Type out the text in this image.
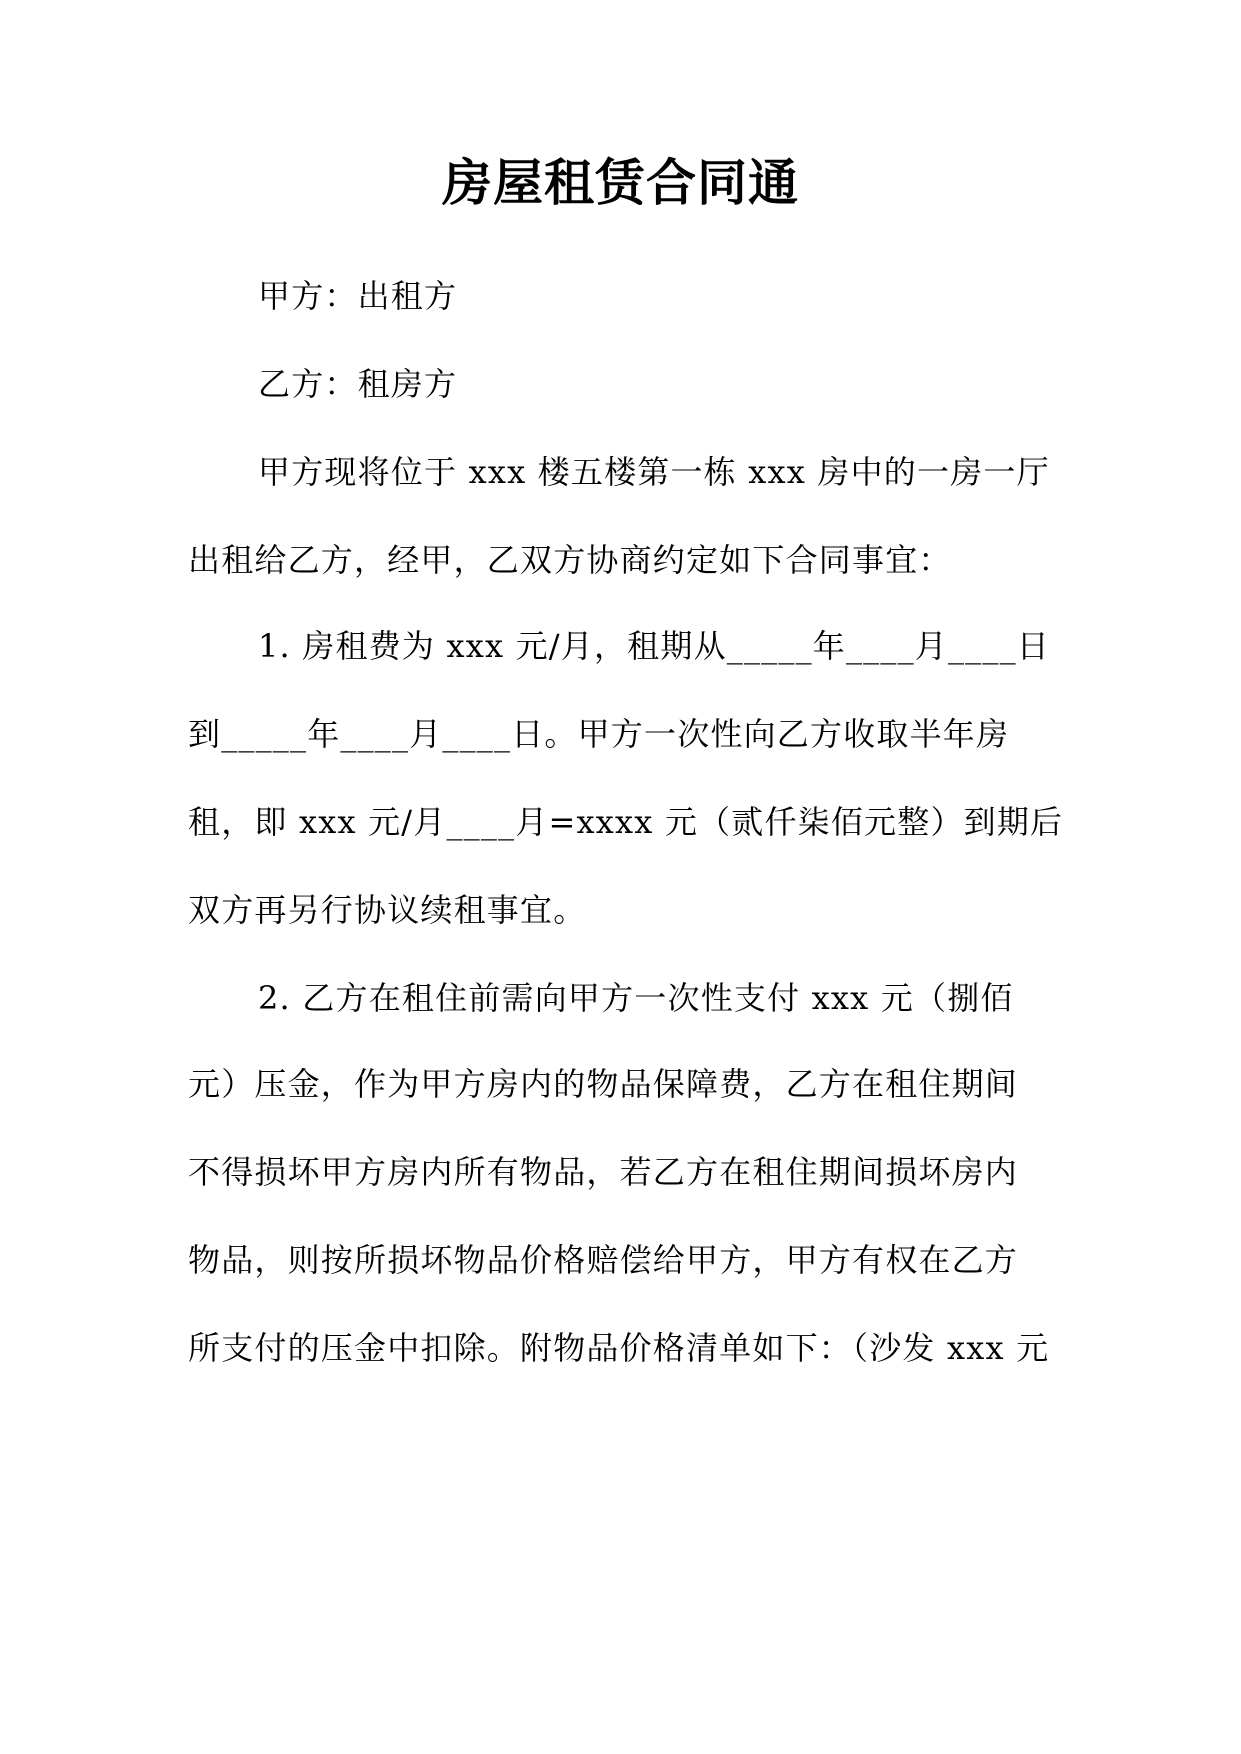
房屋租赁合同通
甲方：出租方
乙方：租房方
甲方现将位于 xxx 楼五楼第一栋 xxx 房中的一房一厅
出租给乙方，经甲，乙双方协商约定如下合同事宜：
1. 房租费为 xxx 元/月，租期从_____年____月____日
到_____年____月____日。甲方一次性向乙方收取半年房
租，即 xxx 元/月____月=xxxx 元（贰仟柒佰元整）到期后
双方再另行协议续租事宜。
2. 乙方在租住前需向甲方一次性支付 xxx 元（捌佰
元）压金，作为甲方房内的物品保障费，乙方在租住期间
不得损坏甲方房内所有物品，若乙方在租住期间损坏房内
物品，则按所损坏物品价格赔偿给甲方，甲方有权在乙方
所支付的压金中扣除。附物品价格清单如下：（沙发 xxx 元
